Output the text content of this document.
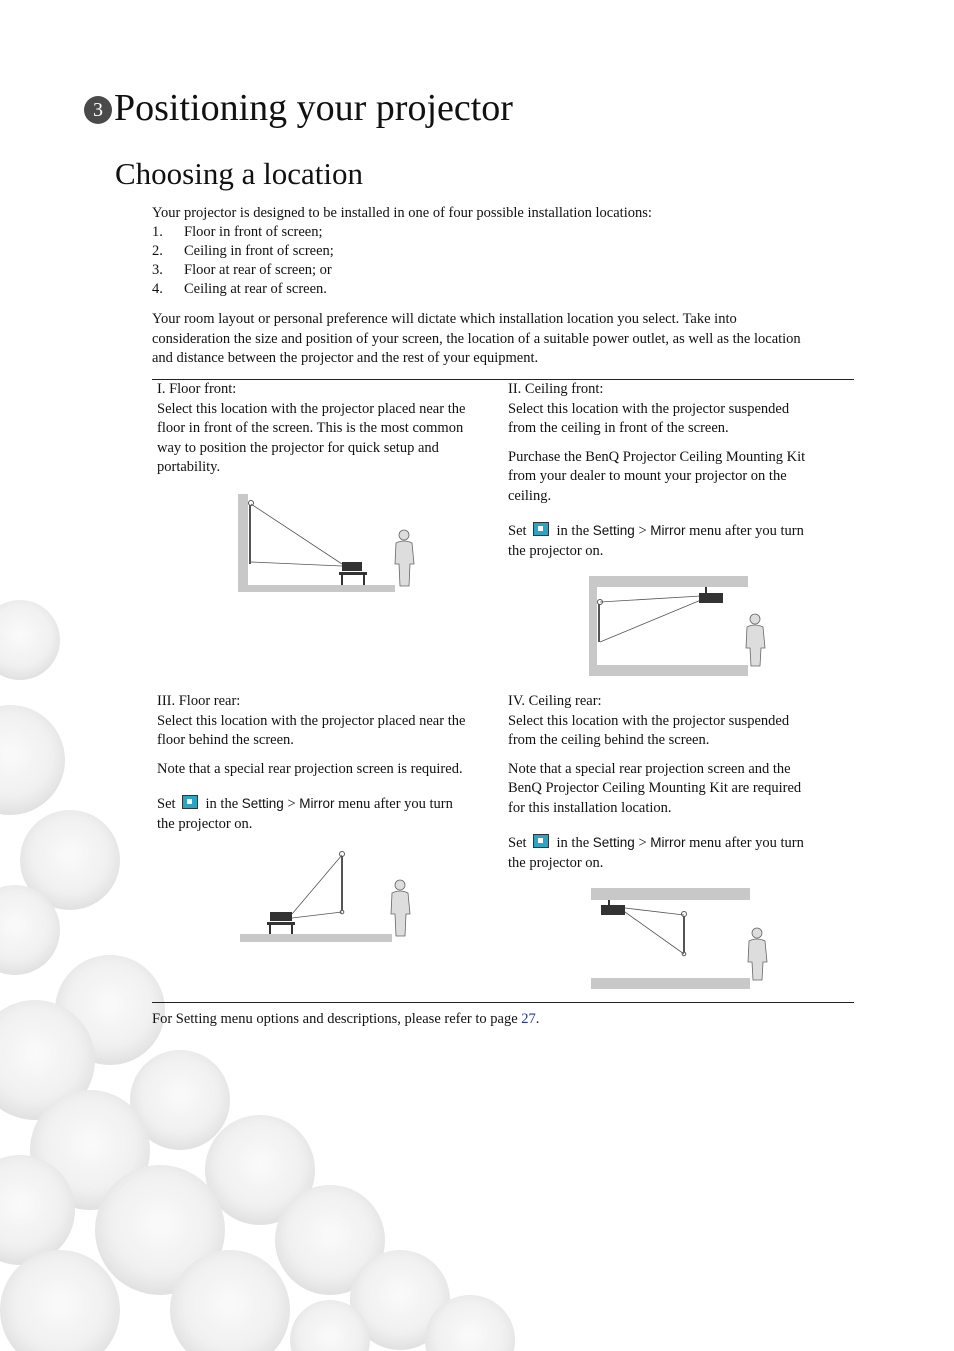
3 Positioning your projector
Choosing a location
Your projector is designed to be installed in one of four possible installation locations:
1. Floor in front of screen;
2. Ceiling in front of screen;
3. Floor at rear of screen; or
4. Ceiling at rear of screen.
Your room layout or personal preference will dictate which installation location you select. Take into
consideration the size and position of your screen, the location of a suitable power outlet, as well as the location
and distance between the projector and the rest of your equipment.
I. Floor front:
Select this location with the projector placed near the
floor in front of the screen. This is the most common
way to position the projector for quick setup and
portability.
II. Ceiling front:
Select this location with the projector suspended
from the ceiling in front of the screen.
Purchase the BenQ Projector Ceiling Mounting Kit
from your dealer to mount your projector on the
ceiling.
Set in the Setting > Mirror menu after you turn
the projector on.
III. Floor rear:
Select this location with the projector placed near the
floor behind the screen.
Note that a special rear projection screen is required.
Set in the Setting > Mirror menu after you turn
the projector on.
IV. Ceiling rear:
Select this location with the projector suspended
from the ceiling behind the screen.
Note that a special rear projection screen and the
BenQ Projector Ceiling Mounting Kit are required
for this installation location.
Set in the Setting > Mirror menu after you turn
the projector on.
For Setting menu options and descriptions, please refer to page 27.
